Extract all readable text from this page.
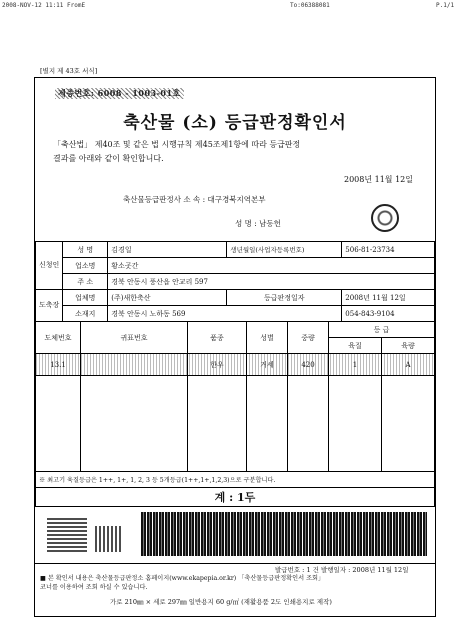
2008-NOV-12 11:11 FromE	To:06388081	P.1/1
[별지 제 43호 서식]
제증번호: 6008 - 1003-01호
축산물 (소) 등급판정확인서
「축산법」 제40조 및 같은 법 시행규칙 제45조제1항에 따라 등급판정
결과를 아래와 같이 확인합니다.
2008년 11월 12일
축산물등급판정사 소 속 : 대구경북지역본부
성 명 : 남동헌
신청인	성 명	김경일	생년월일(사업자등록번호)	506-81-23734
	업소명	황소곳간		
	주 소	경북 안동시 풍산읍 안교리 597		
도축장	업체명	(주)새한축산	등급판정일자	2008년 11월 12일
	소재지	경북 안동시 노하동 569		054-843-9104
도체번호	귀표번호	품종	성별	중량	등 급	
					육질	육량
13.1		한우	거세	420	1	A

※ 최고기 육질등급은 1++, 1+, 1, 2, 3 등 5개등급(1++,1+,1,2,3)으로 구분합니다.						
계 : 1두						
발급번호 : 1 건 발행일자 : 2008년 11월 12일
■ 본 확인서 내용은 축산물등급판정소 홈페이지(www.ekapepia.or.kr) 「축산물등급판정확인서 조회」
코너를 이용하여 조회 하실 수 있습니다.
가로 210㎜ × 세로 297㎜ 일반용지 60 g/㎡ (재활용품 2도 인쇄용지로 제작)
